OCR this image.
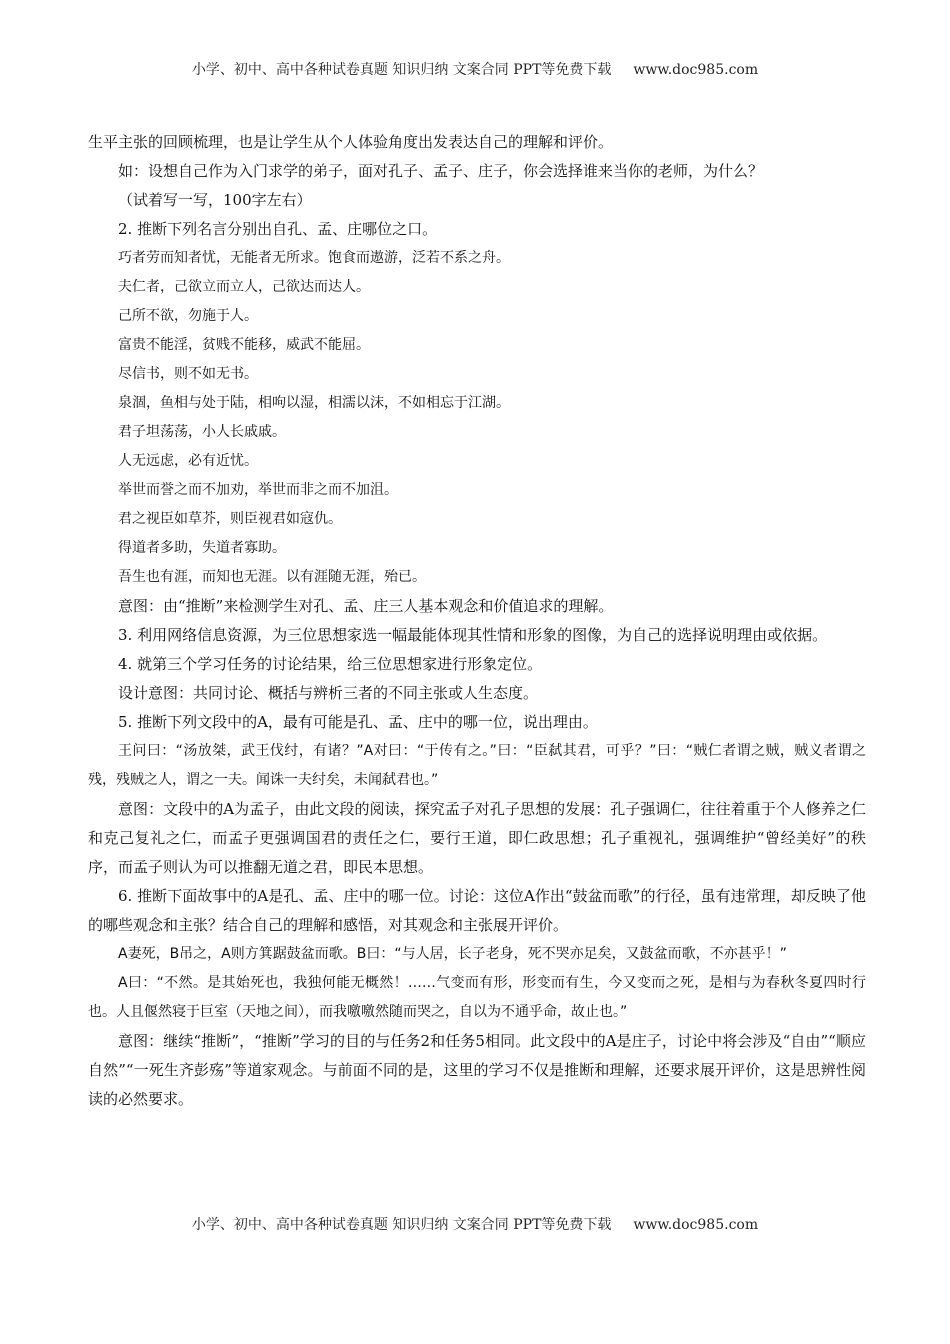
小学、初中、高中各种试卷真题 知识归纳 文案合同 PPT等免费下载 www.doc985.com

生平主张的回顾梳理，也是让学生从个人体验角度出发表达自己的理解和评价。

如：设想自己作为入门求学的弟子，面对孔子、孟子、庄子，你会选择谁来当你的老师，为什么？

（试着写一写，100字左右）

2. 推断下列名言分别出自孔、孟、庄哪位之口。

巧者劳而知者忧，无能者无所求。饱食而遨游，泛若不系之舟。

夫仁者，己欲立而立人，己欲达而达人。

己所不欲，勿施于人。

富贵不能淫，贫贱不能移，威武不能屈。

尽信书，则不如无书。

泉涸，鱼相与处于陆，相呴以湿，相濡以沫，不如相忘于江湖。

君子坦荡荡，小人长戚戚。

人无远虑，必有近忧。

举世而誉之而不加劝，举世而非之而不加沮。

君之视臣如草芥，则臣视君如寇仇。

得道者多助，失道者寡助。

吾生也有涯，而知也无涯。以有涯随无涯，殆已。

意图：由“推断”来检测学生对孔、孟、庄三人基本观念和价值追求的理解。

3. 利用网络信息资源，为三位思想家选一幅最能体现其性情和形象的图像，为自己的选择说明理由或依据。

4. 就第三个学习任务的讨论结果，给三位思想家进行形象定位。

设计意图：共同讨论、概括与辨析三者的不同主张或人生态度。

5. 推断下列文段中的A，最有可能是孔、孟、庄中的哪一位，说出理由。

王问曰：“汤放桀，武王伐纣，有诸？”A对曰：“于传有之。”曰：“臣弑其君，可乎？”曰：“贼仁者谓之贼，贼义者谓之残，残贼之人，谓之一夫。闻诛一夫纣矣，未闻弑君也。”

意图：文段中的A为孟子，由此文段的阅读，探究孟子对孔子思想的发展：孔子强调仁，往往着重于个人修养之仁和克己复礼之仁，而孟子更强调国君的责任之仁，要行王道，即仁政思想；孔子重视礼，强调维护“曾经美好”的秩序，而孟子则认为可以推翻无道之君，即民本思想。

6. 推断下面故事中的A是孔、孟、庄中的哪一位。讨论：这位A作出“鼓盆而歌”的行径，虽有违常理，却反映了他的哪些观念和主张？结合自己的理解和感悟，对其观念和主张展开评价。

A妻死，B吊之，A则方箕踞鼓盆而歌。B曰：“与人居，长子老身，死不哭亦足矣，又鼓盆而歌，不亦甚乎！”

A曰：“不然。是其始死也，我独何能无概然！……气变而有形，形变而有生，今又变而之死，是相与为春秋冬夏四时行也。人且偃然寝于巨室（天地之间），而我噭噭然随而哭之，自以为不通乎命，故止也。”

意图：继续“推断”，“推断”学习的目的与任务2和任务5相同。此文段中的A是庄子，讨论中将会涉及“自由”“顺应自然”“一死生齐彭殇”等道家观念。与前面不同的是，这里的学习不仅是推断和理解，还要求展开评价，这是思辨性阅读的必然要求。

小学、初中、高中各种试卷真题 知识归纳 文案合同 PPT等免费下载 www.doc985.com
